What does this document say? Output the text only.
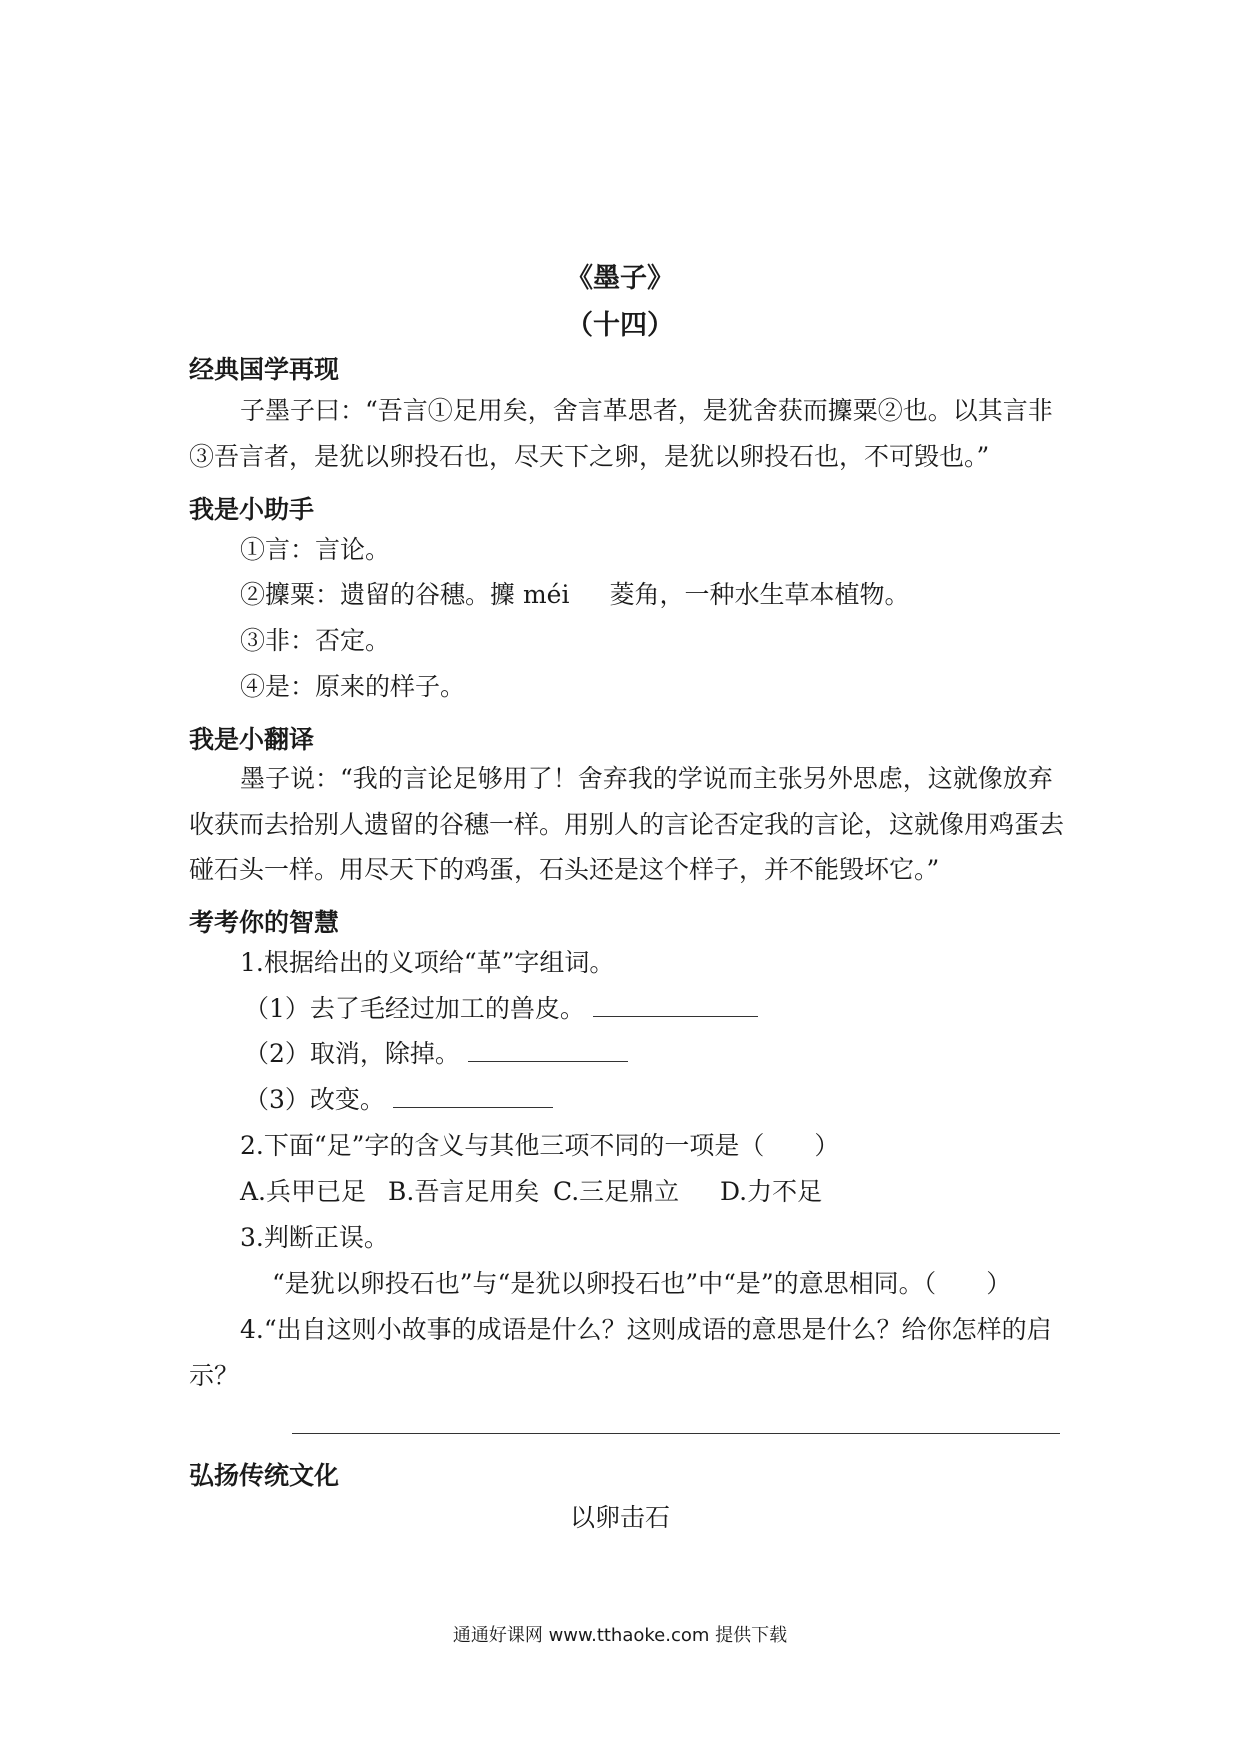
《墨子》
（十四）
经典国学再现
子墨子曰：“吾言①足用矣，舍言革思者，是犹舍获而攈粟②也。以其言非
③吾言者，是犹以卵投石也，尽天下之卵，是犹以卵投石也，不可毁也。”
我是小助手
①言：言论。
②攈粟：遗留的谷穗。攈 méi 菱角，一种水生草本植物。
③非：否定。
④是：原来的样子。
我是小翻译
墨子说：“我的言论足够用了！舍弃我的学说而主张另外思虑，这就像放弃
收获而去拾别人遗留的谷穗一样。用别人的言论否定我的言论，这就像用鸡蛋去
碰石头一样。用尽天下的鸡蛋，石头还是这个样子，并不能毁坏它。”
考考你的智慧
1.根据给出的义项给“革”字组词。
（1）去了毛经过加工的兽皮。
（2）取消，除掉。
（3）改变。
2.下面“足”字的含义与其他三项不同的一项是（ ）
A.兵甲已足 B.吾言足用矣 C.三足鼎立 D.力不足
3.判断正误。
“是犹以卵投石也”与“是犹以卵投石也”中“是”的意思相同。（ ）
4.“出自这则小故事的成语是什么？这则成语的意思是什么？给你怎样的启
示？
弘扬传统文化
以卵击石
通通好课网 www.tthaoke.com 提供下载
